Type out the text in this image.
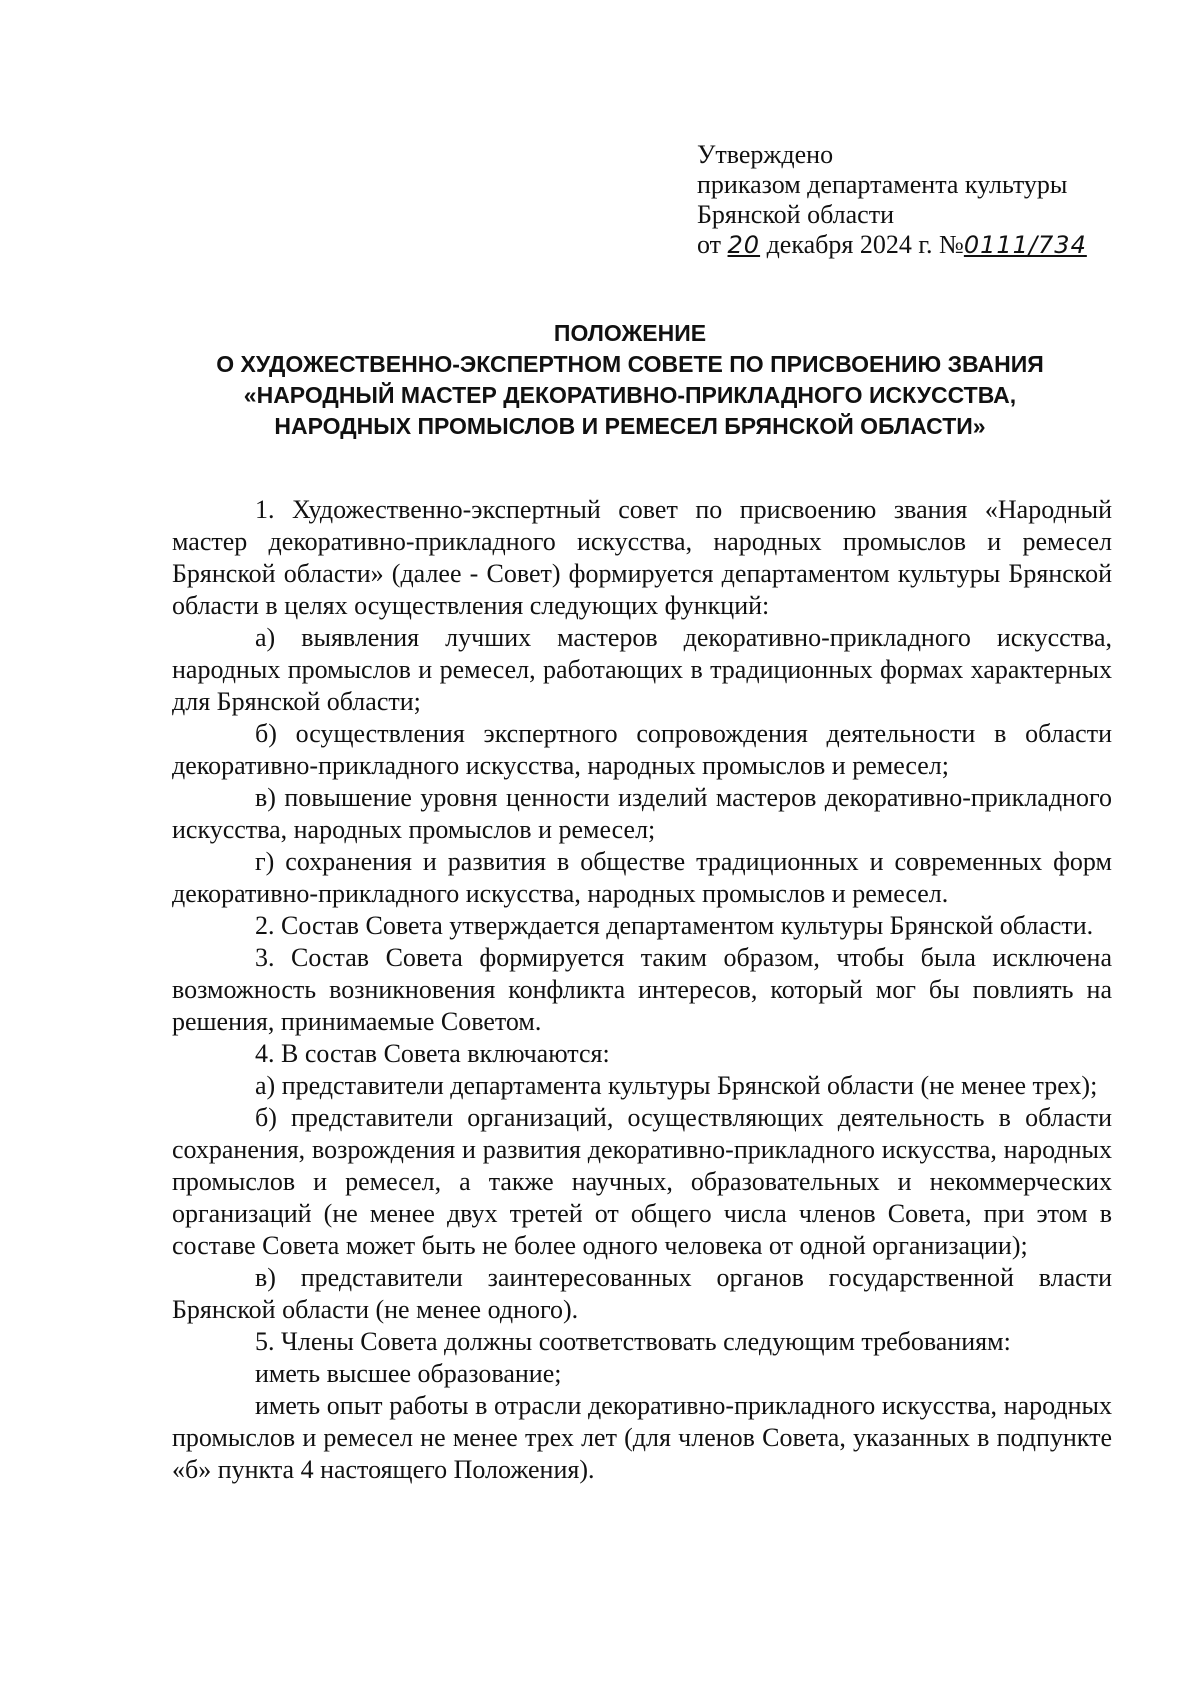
Утверждено
приказом департамента культуры
Брянской области
от 20 декабря 2024 г. №0111/734
ПОЛОЖЕНИЕ
О ХУДОЖЕСТВЕННО-ЭКСПЕРТНОМ СОВЕТЕ ПО ПРИСВОЕНИЮ ЗВАНИЯ
«НАРОДНЫЙ МАСТЕР ДЕКОРАТИВНО-ПРИКЛАДНОГО ИСКУССТВА,
НАРОДНЫХ ПРОМЫСЛОВ И РЕМЕСЕЛ БРЯНСКОЙ ОБЛАСТИ»

1. Художественно-экспертный совет по присвоению звания «Народный мастер декоративно-прикладного искусства, народных промыслов и ремесел Брянской области» (далее - Совет) формируется департаментом культуры Брянской области в целях осуществления следующих функций:

а) выявления лучших мастеров декоративно-прикладного искусства, народных промыслов и ремесел, работающих в традиционных формах характерных для Брянской области;

б) осуществления экспертного сопровождения деятельности в области декоративно-прикладного искусства, народных промыслов и ремесел;

в) повышение уровня ценности изделий мастеров декоративно-прикладного искусства, народных промыслов и ремесел;

г) сохранения и развития в обществе традиционных и современных форм декоративно-прикладного искусства, народных промыслов и ремесел.

2. Состав Совета утверждается департаментом культуры Брянской области.

3. Состав Совета формируется таким образом, чтобы была исключена возможность возникновения конфликта интересов, который мог бы повлиять на решения, принимаемые Советом.

4. В состав Совета включаются:

а) представители департамента культуры Брянской области (не менее трех);

б) представители организаций, осуществляющих деятельность в области сохранения, возрождения и развития декоративно-прикладного искусства, народных промыслов и ремесел, а также научных, образовательных и некоммерческих организаций (не менее двух третей от общего числа членов Совета, при этом в составе Совета может быть не более одного человека от одной организации);

в) представители заинтересованных органов государственной власти Брянской области (не менее одного).

5. Члены Совета должны соответствовать следующим требованиям:

иметь высшее образование;

иметь опыт работы в отрасли декоративно-прикладного искусства, народных промыслов и ремесел не менее трех лет (для членов Совета, указанных в подпункте «б» пункта 4 настоящего Положения).
